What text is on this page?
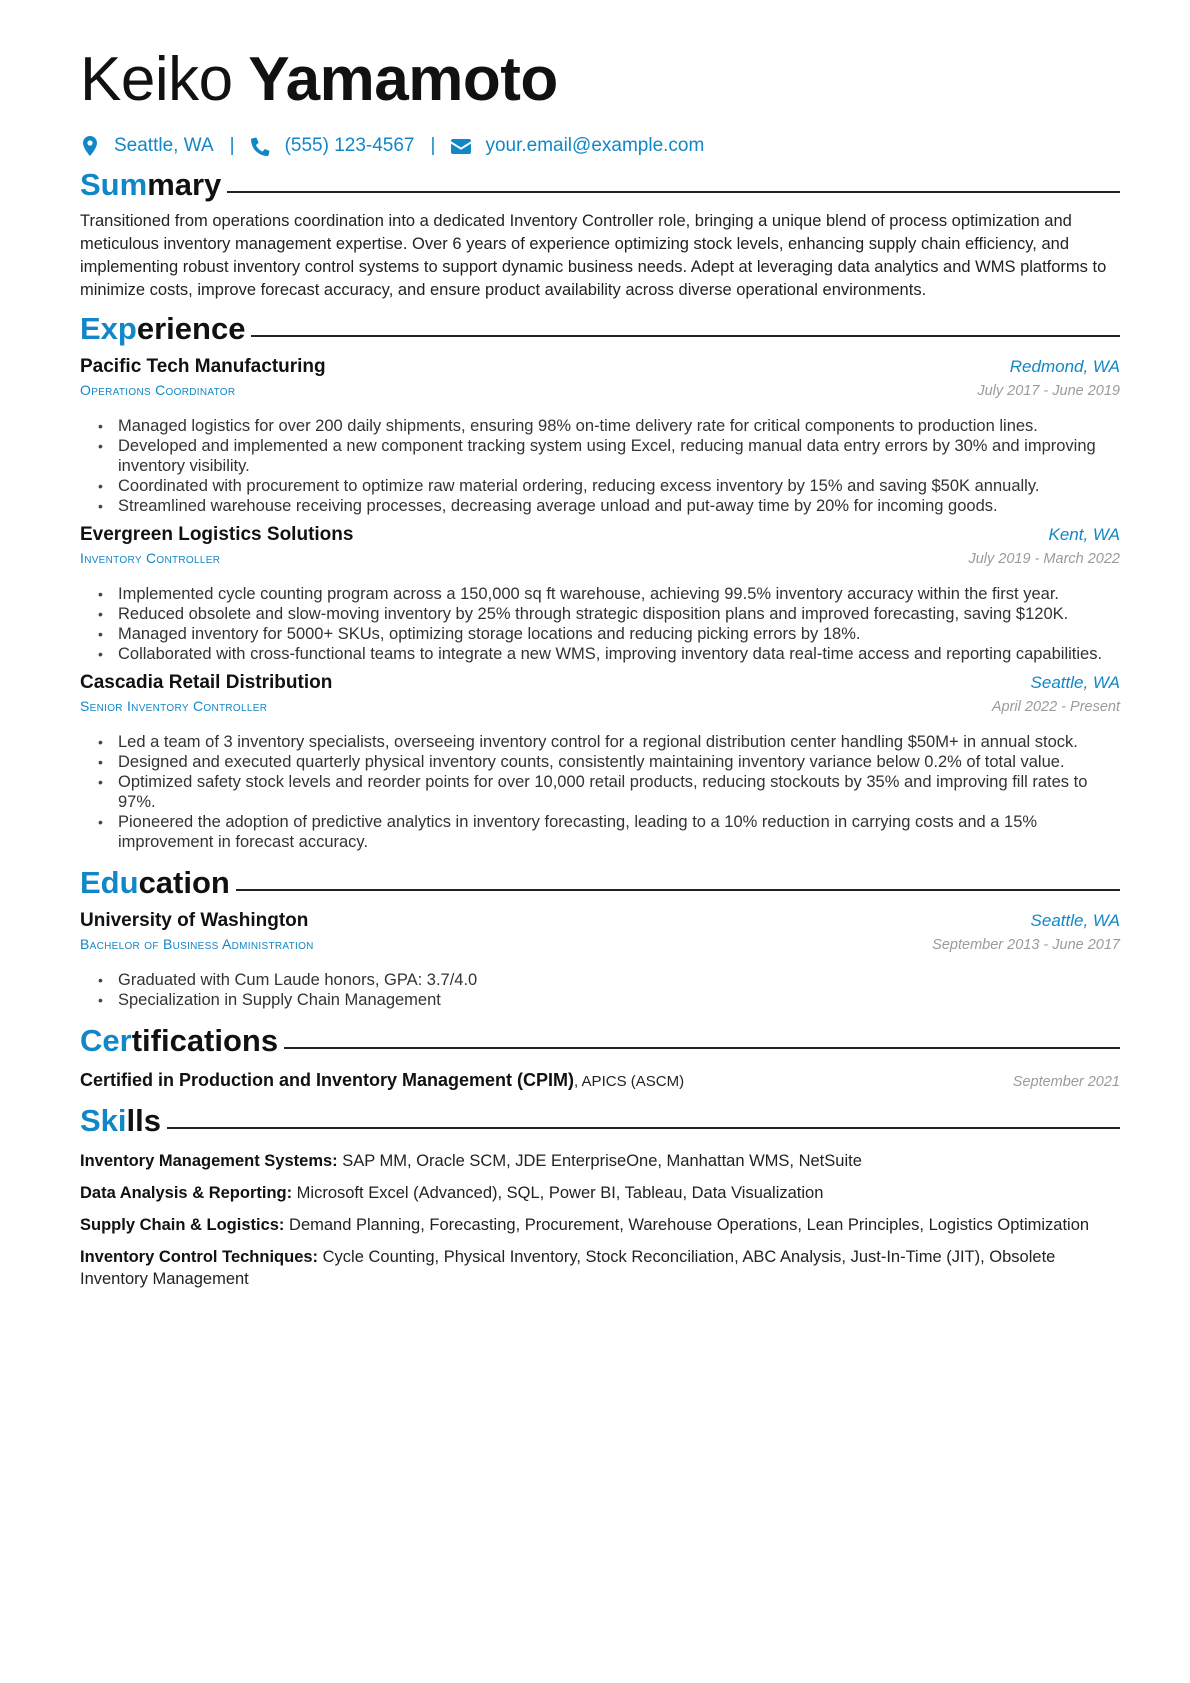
Keiko Yamamoto
Seattle, WA |	(555) 123-4567 |	your.email@example.com
Sum mary

Transitioned from operations coordination into a dedicated Inventory Controller role, bringing a unique blend of process optimization and meticulous inventory management expertise. Over 6 years of experience optimizing stock levels, enhancing supply chain efficiency, and implementing robust inventory control systems to support dynamic business needs. Adept at leveraging data analytics and WMS platforms to minimize costs, improve forecast accuracy, and ensure product availability across diverse operational environments.

Exp erience
Pacific Tech Manufacturing	Redmond, WA
Operations Coordinator	July 2017 - June 2019
• Managed logistics for over 200 daily shipments, ensuring 98% on-time delivery rate for critical components to production lines.
• Developed and implemented a new component tracking system using Excel, reducing manual data entry errors by 30% and improving inventory visibility.
• Coordinated with procurement to optimize raw material ordering, reducing excess inventory by 15% and saving $50K annually.
• Streamlined warehouse receiving processes, decreasing average unload and put-away time by 20% for incoming goods.
Evergreen Logistics Solutions	Kent, WA
Inventory Controller	July 2019 - March 2022
• Implemented cycle counting program across a 150,000 sq ft warehouse, achieving 99.5% inventory accuracy within the first year.
• Reduced obsolete and slow-moving inventory by 25% through strategic disposition plans and improved forecasting, saving $120K.
• Managed inventory for 5000+ SKUs, optimizing storage locations and reducing picking errors by 18%.
• Collaborated with cross-functional teams to integrate a new WMS, improving inventory data real-time access and reporting capabilities.
Cascadia Retail Distribution	Seattle, WA
Senior Inventory Controller	April 2022 - Present
• Led a team of 3 inventory specialists, overseeing inventory control for a regional distribution center handling $50M+ in annual stock.
• Designed and executed quarterly physical inventory counts, consistently maintaining inventory variance below 0.2% of total value.
• Optimized safety stock levels and reorder points for over 10,000 retail products, reducing stockouts by 35% and improving fill rates to 97%.
• Pioneered the adoption of predictive analytics in inventory forecasting, leading to a 10% reduction in carrying costs and a 15% improvement in forecast accuracy.
Edu cation
University of Washington	Seattle, WA
Bachelor of Business Administration	September 2013 - June 2017
• Graduated with Cum Laude honors, GPA: 3.7/4.0
• Specialization in Supply Chain Management
Cer tifications
Certified in Production and Inventory Management (CPIM), APICS (ASCM)	September 2021
Ski lls
Inventory Management Systems: SAP MM, Oracle SCM, JDE EnterpriseOne, Manhattan WMS, NetSuite
Data Analysis & Reporting: Microsoft Excel (Advanced), SQL, Power BI, Tableau, Data Visualization
Supply Chain & Logistics: Demand Planning, Forecasting, Procurement, Warehouse Operations, Lean Principles, Logistics Optimization
Inventory Control Techniques: Cycle Counting, Physical Inventory, Stock Reconciliation, ABC Analysis, Just-In-Time (JIT), Obsolete Inventory Management
